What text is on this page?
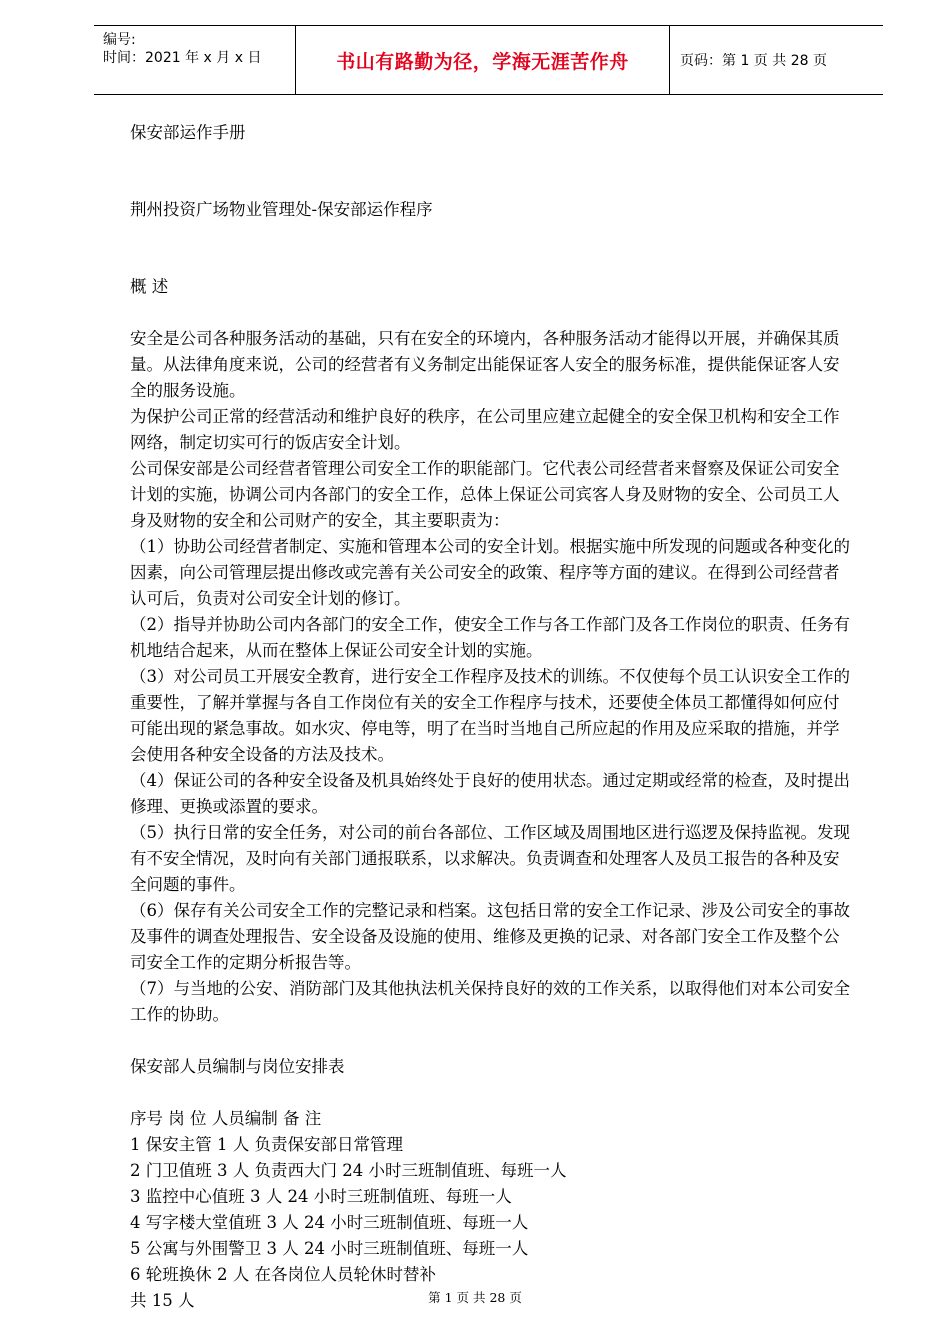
编号:
时间：2021 年 x 月 x 日	书山有路勤为径，学海无涯苦作舟	页码：第 1 页 共 28 页

保安部运作手册

荆州投资广场物业管理处-保安部运作程序

概 述

安全是公司各种服务活动的基础，只有在安全的环境内，各种服务活动才能得以开展，并确保其质量。从法律角度来说，公司的经营者有义务制定出能保证客人安全的服务标准，提供能保证客人安全的服务设施。

为保护公司正常的经营活动和维护良好的秩序，在公司里应建立起健全的安全保卫机构和安全工作网络，制定切实可行的饭店安全计划。

公司保安部是公司经营者管理公司安全工作的职能部门。它代表公司经营者来督察及保证公司安全计划的实施，协调公司内各部门的安全工作，总体上保证公司宾客人身及财物的安全、公司员工人身及财物的安全和公司财产的安全，其主要职责为：

（1）协助公司经营者制定、实施和管理本公司的安全计划。根据实施中所发现的问题或各种变化的因素，向公司管理层提出修改或完善有关公司安全的政策、程序等方面的建议。在得到公司经营者认可后，负责对公司安全计划的修订。

（2）指导并协助公司内各部门的安全工作，使安全工作与各工作部门及各工作岗位的职责、任务有机地结合起来，从而在整体上保证公司安全计划的实施。

（3）对公司员工开展安全教育，进行安全工作程序及技术的训练。不仅使每个员工认识安全工作的重要性，了解并掌握与各自工作岗位有关的安全工作程序与技术，还要使全体员工都懂得如何应付可能出现的紧急事故。如水灾、停电等，明了在当时当地自己所应起的作用及应采取的措施，并学会使用各种安全设备的方法及技术。

（4）保证公司的各种安全设备及机具始终处于良好的使用状态。通过定期或经常的检查，及时提出修理、更换或添置的要求。

（5）执行日常的安全任务，对公司的前台各部位、工作区域及周围地区进行巡逻及保持监视。发现有不安全情况，及时向有关部门通报联系，以求解决。负责调查和处理客人及员工报告的各种及安全问题的事件。

（6）保存有关公司安全工作的完整记录和档案。这包括日常的安全工作记录、涉及公司安全的事故及事件的调查处理报告、安全设备及设施的使用、维修及更换的记录、对各部门安全工作及整个公司安全工作的定期分析报告等。

（7）与当地的公安、消防部门及其他执法机关保持良好的效的工作关系，以取得他们对本公司安全工作的协助。

保安部人员编制与岗位安排表

序号 岗 位 人员编制 备 注

1 保安主管 1 人 负责保安部日常管理

2 门卫值班 3 人 负责西大门 24 小时三班制值班、每班一人

3 监控中心值班 3 人 24 小时三班制值班、每班一人

4 写字楼大堂值班 3 人 24 小时三班制值班、每班一人

5 公寓与外围警卫 3 人 24 小时三班制值班、每班一人

6 轮班换休 2 人 在各岗位人员轮休时替补

共 15 人	第 1 页 共 28 页
